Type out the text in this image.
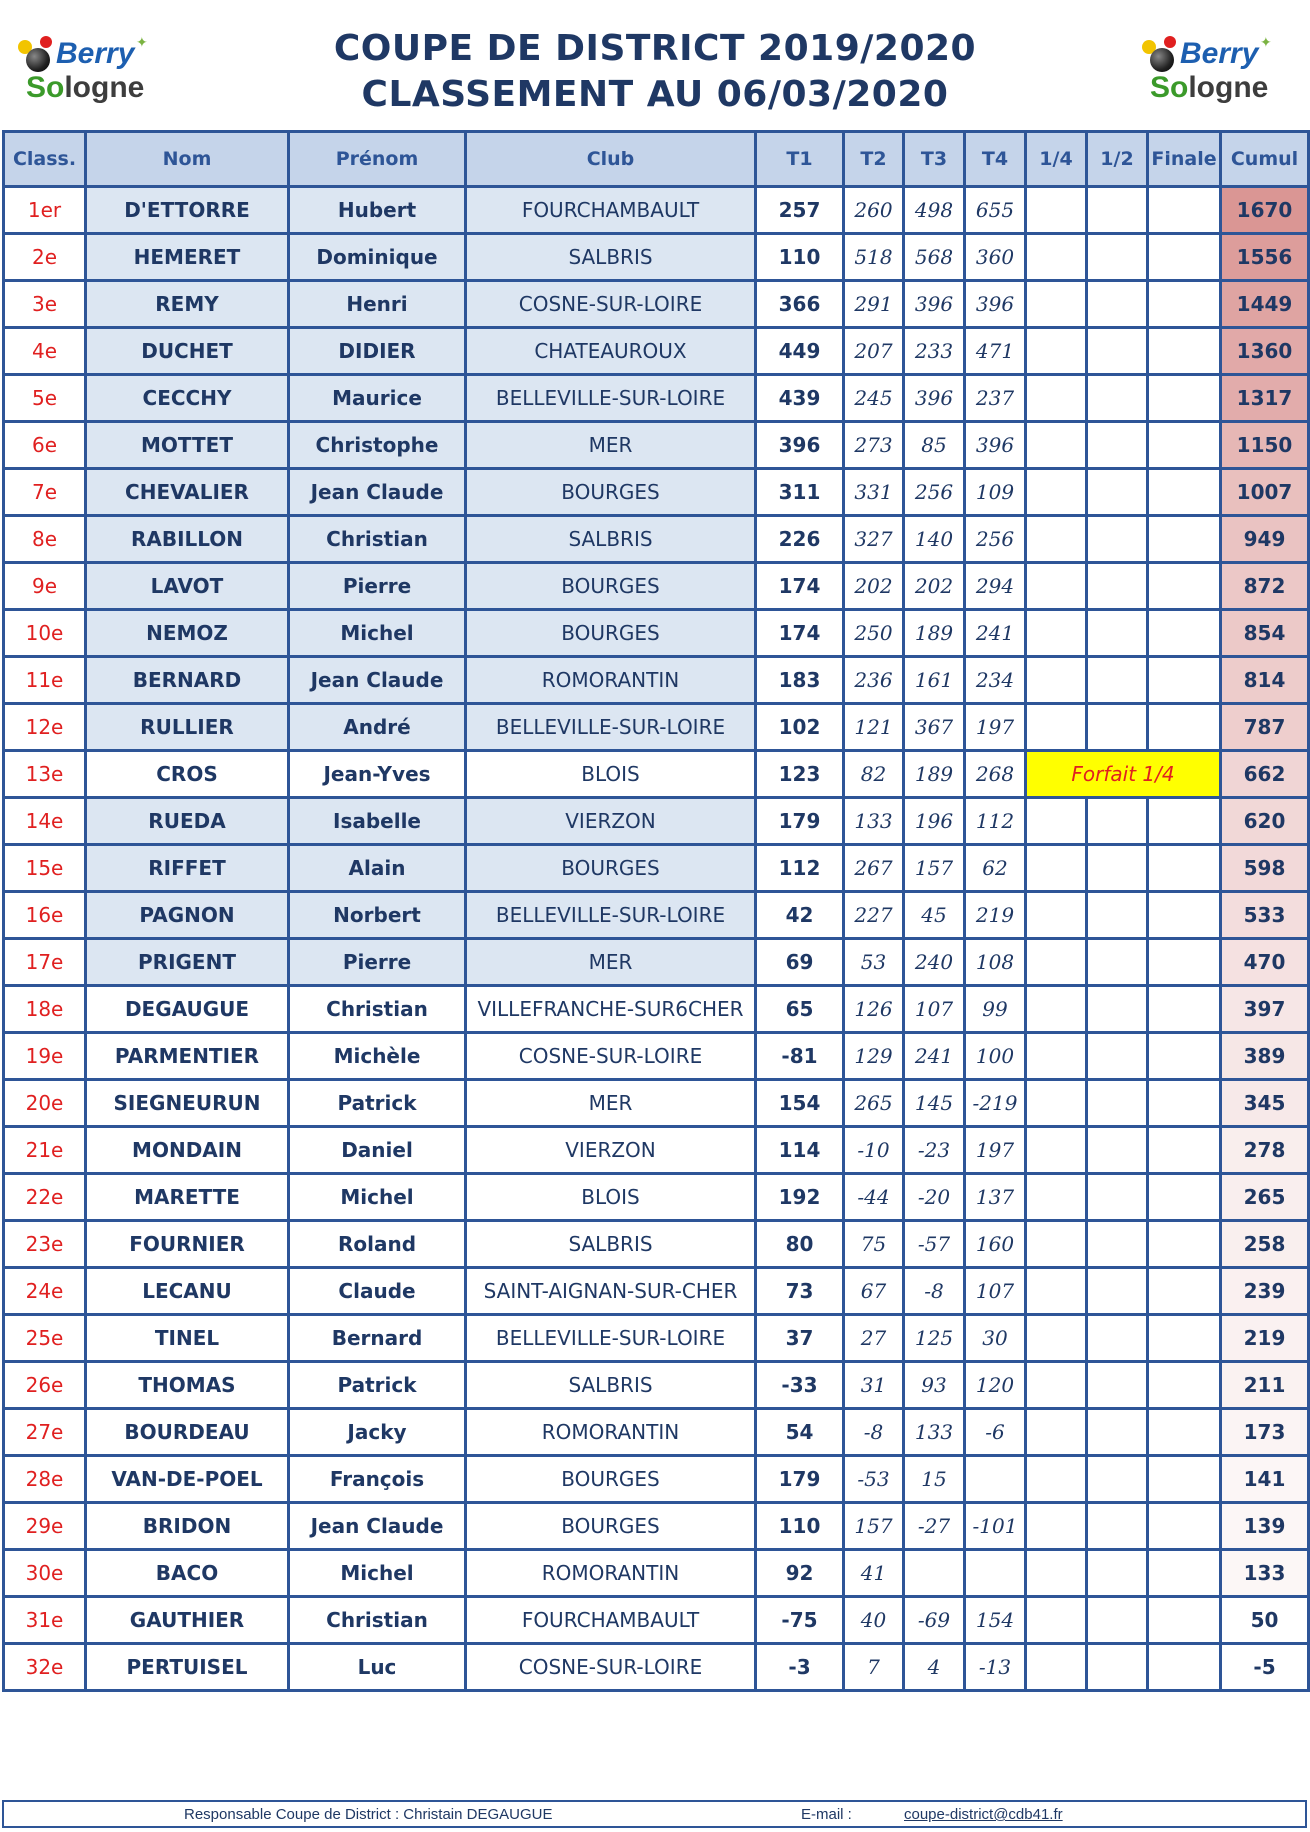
✦
Berry
Sologne
COUPE DE DISTRICT 2019/2020
CLASSEMENT AU 06/03/2020
✦
Berry
Sologne
Class.	Nom	Prénom	Club	T1	T2	T3	T4	1/4	1/2	Finale	Cumul
1er	D'ETTORRE	Hubert	FOURCHAMBAULT	257	260	498	655				1670
2e	HEMERET	Dominique	SALBRIS	110	518	568	360				1556
3e	REMY	Henri	COSNE-SUR-LOIRE	366	291	396	396				1449
4e	DUCHET	DIDIER	CHATEAUROUX	449	207	233	471				1360
5e	CECCHY	Maurice	BELLEVILLE-SUR-LOIRE	439	245	396	237				1317
6e	MOTTET	Christophe	MER	396	273	85	396				1150
7e	CHEVALIER	Jean Claude	BOURGES	311	331	256	109				1007
8e	RABILLON	Christian	SALBRIS	226	327	140	256				949
9e	LAVOT	Pierre	BOURGES	174	202	202	294				872
10e	NEMOZ	Michel	BOURGES	174	250	189	241				854
11e	BERNARD	Jean Claude	ROMORANTIN	183	236	161	234				814
12e	RULLIER	André	BELLEVILLE-SUR-LOIRE	102	121	367	197				787
13e	CROS	Jean-Yves	BLOIS	123	82	189	268	Forfait 1/4			662
14e	RUEDA	Isabelle	VIERZON	179	133	196	112				620
15e	RIFFET	Alain	BOURGES	112	267	157	62				598
16e	PAGNON	Norbert	BELLEVILLE-SUR-LOIRE	42	227	45	219				533
17e	PRIGENT	Pierre	MER	69	53	240	108				470
18e	DEGAUGUE	Christian	VILLEFRANCHE-SUR6CHER	65	126	107	99				397
19e	PARMENTIER	Michèle	COSNE-SUR-LOIRE	-81	129	241	100				389
20e	SIEGNEURUN	Patrick	MER	154	265	145	-219				345
21e	MONDAIN	Daniel	VIERZON	114	-10	-23	197				278
22e	MARETTE	Michel	BLOIS	192	-44	-20	137				265
23e	FOURNIER	Roland	SALBRIS	80	75	-57	160				258
24e	LECANU	Claude	SAINT-AIGNAN-SUR-CHER	73	67	-8	107				239
25e	TINEL	Bernard	BELLEVILLE-SUR-LOIRE	37	27	125	30				219
26e	THOMAS	Patrick	SALBRIS	-33	31	93	120				211
27e	BOURDEAU	Jacky	ROMORANTIN	54	-8	133	-6				173
28e	VAN-DE-POEL	François	BOURGES	179	-53	15					141
29e	BRIDON	Jean Claude	BOURGES	110	157	-27	-101				139
30e	BACO	Michel	ROMORANTIN	92	41						133
31e	GAUTHIER	Christian	FOURCHAMBAULT	-75	40	-69	154				50
32e	PERTUISEL	Luc	COSNE-SUR-LOIRE	-3	7	4	-13				-5
Responsable Coupe de District : Christain DEGAUGUE	E-mail :	coupe-district@cdb41.fr
